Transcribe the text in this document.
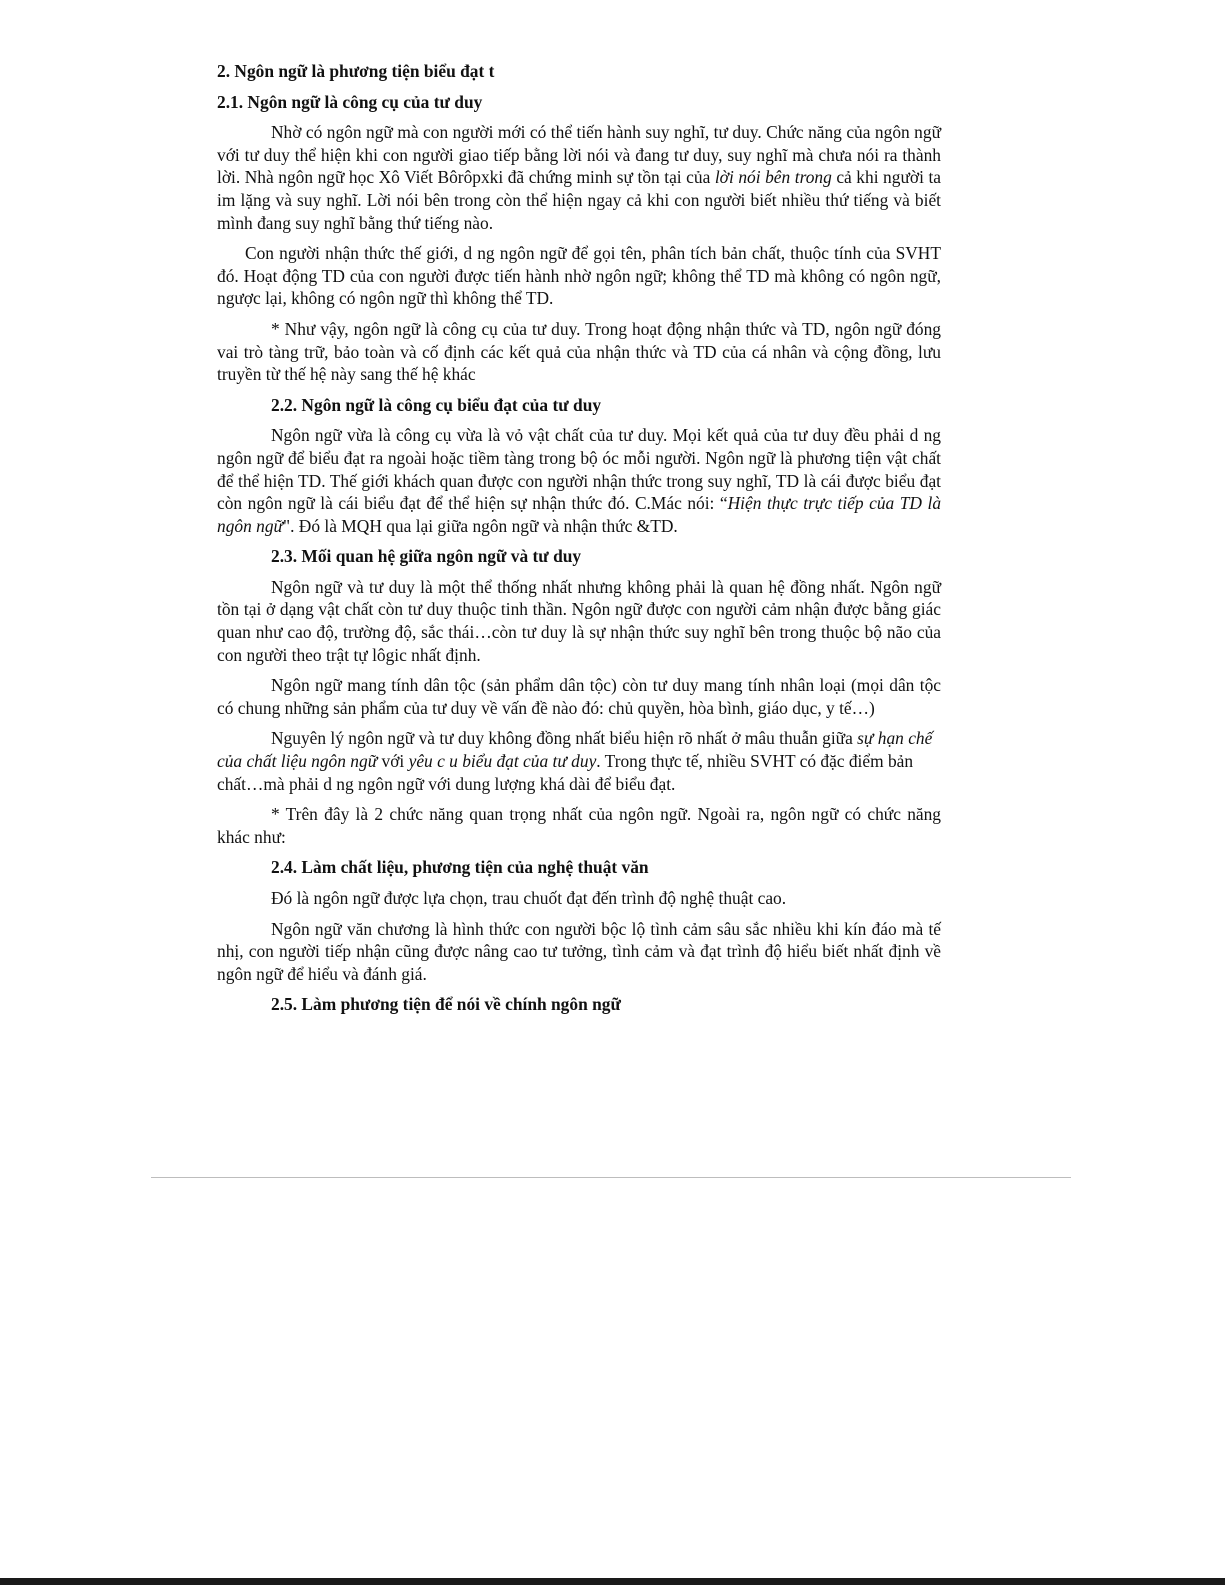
2. Ngôn ngữ là phương tiện biểu đạt t
2.1. Ngôn ngữ là công cụ của tư duy

Nhờ có ngôn ngữ mà con người mới có thể tiến hành suy nghĩ, tư duy. Chức năng của ngôn ngữ với tư duy thể hiện khi con người giao tiếp bằng lời nói và đang tư duy, suy nghĩ mà chưa nói ra thành lời. Nhà ngôn ngữ học Xô Viết Bôrôpxki đã chứng minh sự tồn tại của lời nói bên trong cả khi người ta im lặng và suy nghĩ. Lời nói bên trong còn thể hiện ngay cả khi con người biết nhiều thứ tiếng và biết mình đang suy nghĩ bằng thứ tiếng nào.

Con người nhận thức thế giới, d ng ngôn ngữ để gọi tên, phân tích bản chất, thuộc tính của SVHT đó. Hoạt động TD của con người được tiến hành nhờ ngôn ngữ; không thể TD mà không có ngôn ngữ, ngược lại, không có ngôn ngữ thì không thể TD.

* Như vậy, ngôn ngữ là công cụ của tư duy. Trong hoạt động nhận thức và TD, ngôn ngữ đóng vai trò tàng trữ, bảo toàn và cố định các kết quả của nhận thức và TD của cá nhân và cộng đồng, lưu truyền từ thế hệ này sang thế hệ khác

2.2. Ngôn ngữ là công cụ biểu đạt của tư duy

Ngôn ngữ vừa là công cụ vừa là vỏ vật chất của tư duy. Mọi kết quả của tư duy đều phải d ng ngôn ngữ để biểu đạt ra ngoài hoặc tiềm tàng trong bộ óc mỗi người. Ngôn ngữ là phương tiện vật chất để thể hiện TD. Thế giới khách quan được con người nhận thức trong suy nghĩ, TD là cái được biểu đạt còn ngôn ngữ là cái biểu đạt để thể hiện sự nhận thức đó. C.Mác nói: “Hiện thực trực tiếp của TD là ngôn ngữ". Đó là MQH qua lại giữa ngôn ngữ và nhận thức &TD.

2.3. Mối quan hệ giữa ngôn ngữ và tư duy

Ngôn ngữ và tư duy là một thể thống nhất nhưng không phải là quan hệ đồng nhất. Ngôn ngữ tồn tại ở dạng vật chất còn tư duy thuộc tinh thần. Ngôn ngữ được con người cảm nhận được bằng giác quan như cao độ, trường độ, sắc thái…còn tư duy là sự nhận thức suy nghĩ bên trong thuộc bộ não của con người theo trật tự lôgic nhất định.

Ngôn ngữ mang tính dân tộc (sản phẩm dân tộc) còn tư duy mang tính nhân loại (mọi dân tộc có chung những sản phẩm của tư duy về vấn đề nào đó: chủ quyền, hòa bình, giáo dục, y tế…)

Nguyên lý ngôn ngữ và tư duy không đồng nhất biểu hiện rõ nhất ở mâu thuẫn giữa sự hạn chế của chất liệu ngôn ngữ với yêu c u biểu đạt của tư duy. Trong thực tế, nhiều SVHT có đặc điểm bản chất…mà phải d ng ngôn ngữ với dung lượng khá dài để biểu đạt.

* Trên đây là 2 chức năng quan trọng nhất của ngôn ngữ. Ngoài ra, ngôn ngữ có chức năng khác như:

2.4. Làm chất liệu, phương tiện của nghệ thuật văn

Đó là ngôn ngữ được lựa chọn, trau chuốt đạt đến trình độ nghệ thuật cao.

Ngôn ngữ văn chương là hình thức con người bộc lộ tình cảm sâu sắc nhiều khi kín đáo mà tế nhị, con người tiếp nhận cũng được nâng cao tư tưởng, tình cảm và đạt trình độ hiểu biết nhất định về ngôn ngữ để hiểu và đánh giá.

2.5. Làm phương tiện để nói về chính ngôn ngữ
